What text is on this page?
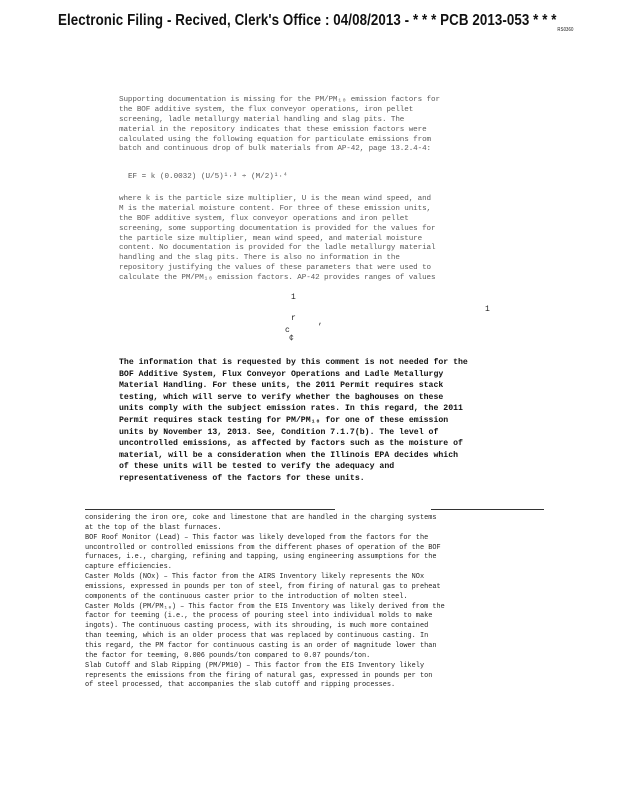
Electronic Filing - Recived, Clerk's Office : 04/08/2013 - * * * PCB 2013-053 * * $*_{RS0360}$
Supporting documentation is missing for the PM/PM₁₀ emission factors for
the BOF additive system, the flux conveyor operations, iron pellet
screening, ladle metallurgy material handling and slag pits. The
material in the repository indicates that these emission factors were
calculated using the following equation for particulate emissions from
batch and continuous drop of bulk materials from AP-42, page 13.2.4-4:
EF = k (0.0032) (U/5)¹·³ ÷ (M/2)¹·⁴
where k is the particle size multiplier, U is the mean wind speed, and
M is the material moisture content. For three of these emission units,
the BOF additive system, flux conveyor operations and iron pellet
screening, some supporting documentation is provided for the values for
the particle size multiplier, mean wind speed, and material moisture
content. No documentation is provided for the ladle metallurgy material
handling and the slag pits. There is also no information in the
repository justifying the values of these parameters that were used to
calculate the PM/PM₁₀ emission factors. AP-42 provides ranges of values
1
r	,
c
¢
1
The information that is requested by this comment is not needed for the
BOF Additive System, Flux Conveyor Operations and Ladle Metallurgy
Material Handling. For these units, the 2011 Permit requires stack
testing, which will serve to verify whether the baghouses on these
units comply with the subject emission rates. In this regard, the 2011
Permit requires stack testing for PM/PM₁₀ for one of these emission
units by November 13, 2013. See, Condition 7.1.7(b). The level of
uncontrolled emissions, as affected by factors such as the moisture of
material, will be a consideration when the Illinois EPA decides which
of these units will be tested to verify the adequacy and
representativeness of the factors for these units.
considering the iron ore, coke and limestone that are handled in the charging systems
at the top of the blast furnaces.
BOF Roof Monitor (Lead) – This factor was likely developed from the factors for the
uncontrolled or controlled emissions from the different phases of operation of the BOF
furnaces, i.e., charging, refining and tapping, using engineering assumptions for the
capture efficiencies.
Caster Molds (NOx) – This factor from the AIRS Inventory likely represents the NOx
emissions, expressed in pounds per ton of steel, from firing of natural gas to preheat
components of the continuous caster prior to the introduction of molten steel.
Caster Molds (PM/PM₁₀) – This factor from the EIS Inventory was likely derived from the
factor for teeming (i.e., the process of pouring steel into individual molds to make
ingots). The continuous casting process, with its shrouding, is much more contained
than teeming, which is an older process that was replaced by continuous casting. In
this regard, the PM factor for continuous casting is an order of magnitude lower than
the factor for teeming, 0.006 pounds/ton compared to 0.07 pounds/ton.
Slab Cutoff and Slab Ripping (PM/PM10) – This factor from the EIS Inventory likely
represents the emissions from the firing of natural gas, expressed in pounds per ton
of steel processed, that accompanies the slab cutoff and ripping processes.
